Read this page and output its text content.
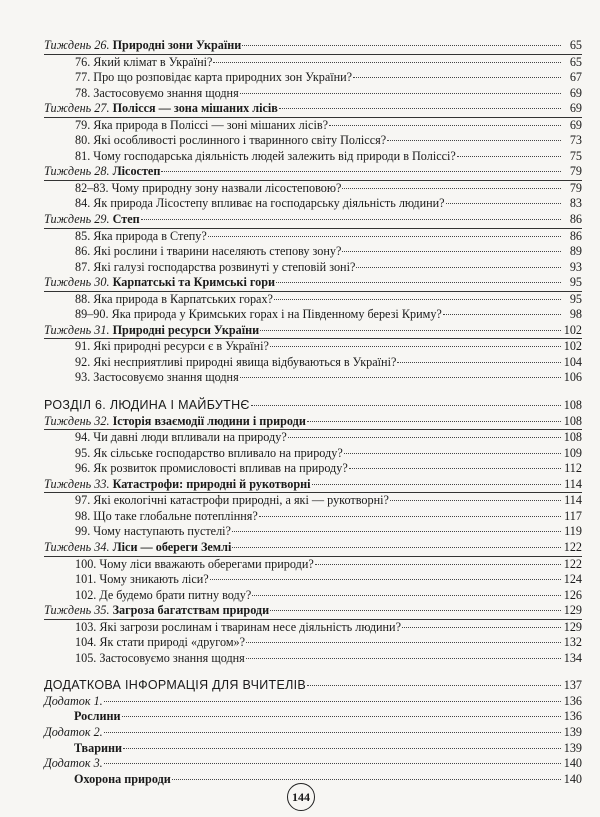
Тиждень 26. Природні зони України	65
76. Який клімат в Україні?	65
77. Про що розповідає карта природних зон України?	67
78. Застосовуємо знання щодня	69
Тиждень 27. Полісся — зона мішаних лісів	69
79. Яка природа в Поліссі — зоні мішаних лісів?	69
80. Які особливості рослинного і тваринного світу Полісся?	73
81. Чому господарська діяльність людей залежить від природи в Поліссі?	75
Тиждень 28. Лісостеп	79
82–83. Чому природну зону назвали лісостеповою?	79
84. Як природа Лісостепу впливає на господарську діяльність людини?	83
Тиждень 29. Степ	86
85. Яка природа в Степу?	86
86. Які рослини і тварини населяють степову зону?	89
87. Які галузі господарства розвинуті у степовій зоні?	93
Тиждень 30. Карпатські та Кримські гори	95
88. Яка природа в Карпатських горах?	95
89–90. Яка природа у Кримських горах і на Південному березі Криму?	98
Тиждень 31. Природні ресурси України	102
91. Які природні ресурси є в Україні?	102
92. Які несприятливі природні явища відбуваються в Україні?	104
93. Застосовуємо знання щодня	106
РОЗДІЛ 6. ЛЮДИНА І МАЙБУТНЄ	108
Тиждень 32. Історія взаємодії людини і природи	108
94. Чи давні люди впливали на природу?	108
95. Як сільське господарство впливало на природу?	109
96. Як розвиток промисловості впливав на природу?	112
Тиждень 33. Катастрофи: природні й рукотворні	114
97. Які екологічні катастрофи природні, а які — рукотворні?	114
98. Що таке глобальне потепління?	117
99. Чому наступають пустелі?	119
Тиждень 34. Ліси — обереги Землі	122
100. Чому ліси вважають оберегами природи?	122
101. Чому зникають ліси?	124
102. Де будемо брати питну воду?	126
Тиждень 35. Загроза багатствам природи	129
103. Які загрози рослинам і тваринам несе діяльність людини?	129
104. Як стати природі «другом»?	132
105. Застосовуємо знання щодня	134
ДОДАТКОВА ІНФОРМАЦІЯ ДЛЯ ВЧИТЕЛІВ	137
Додаток 1.	136
Рослини	136
Додаток 2.	139
Тварини	139
Додаток 3.	140
Охорона природи	140
144
